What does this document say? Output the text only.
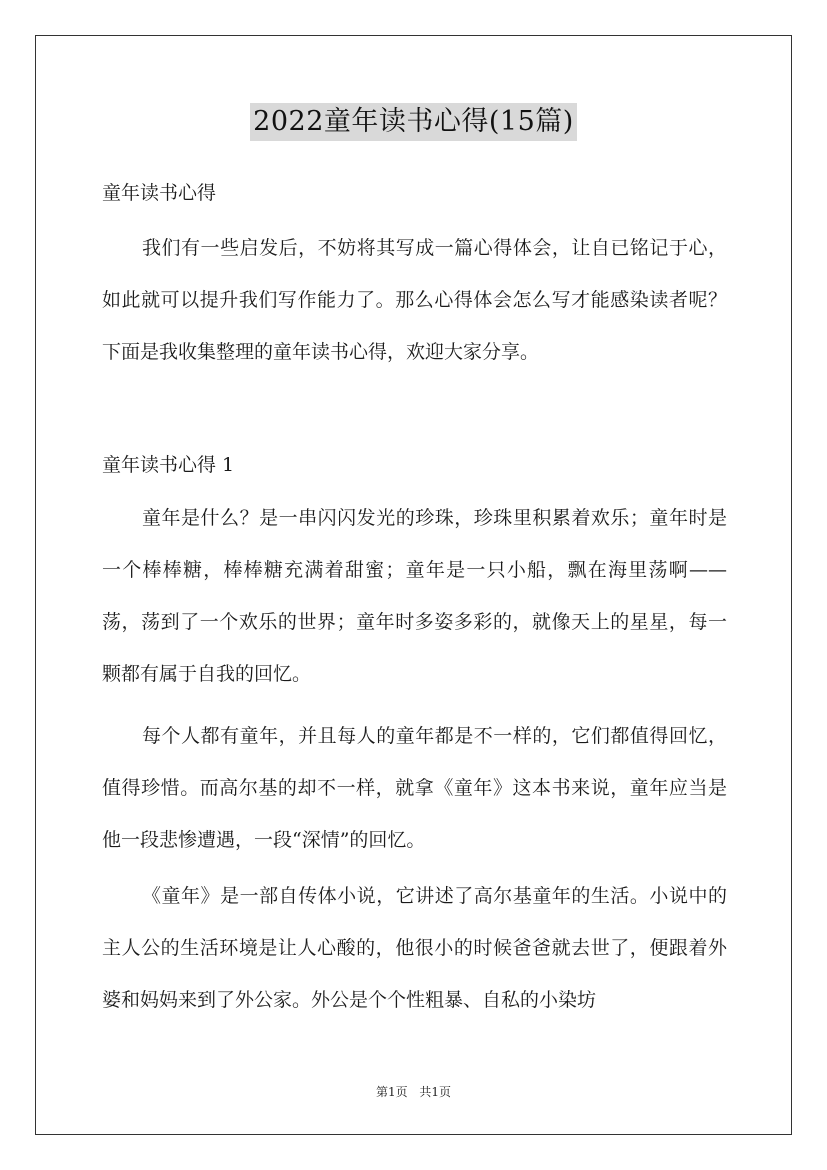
2022童年读书心得(15篇)
童年读书心得

我们有一些启发后，不妨将其写成一篇心得体会，让自已铭记于心，如此就可以提升我们写作能力了。那么心得体会怎么写才能感染读者呢？下面是我收集整理的童年读书心得，欢迎大家分享。

童年读书心得 1

童年是什么？是一串闪闪发光的珍珠，珍珠里积累着欢乐；童年时是一个棒棒糖，棒棒糖充满着甜蜜；童年是一只小船，飘在海里荡啊——荡，荡到了一个欢乐的世界；童年时多姿多彩的，就像天上的星星，每一颗都有属于自我的回忆。

每个人都有童年，并且每人的童年都是不一样的，它们都值得回忆，值得珍惜。而高尔基的却不一样，就拿《童年》这本书来说，童年应当是他一段悲惨遭遇，一段“深情”的回忆。

《童年》是一部自传体小说，它讲述了高尔基童年的生活。小说中的主人公的生活环境是让人心酸的，他很小的时候爸爸就去世了，便跟着外婆和妈妈来到了外公家。外公是个个性粗暴、自私的小染坊

第1页 共1页
